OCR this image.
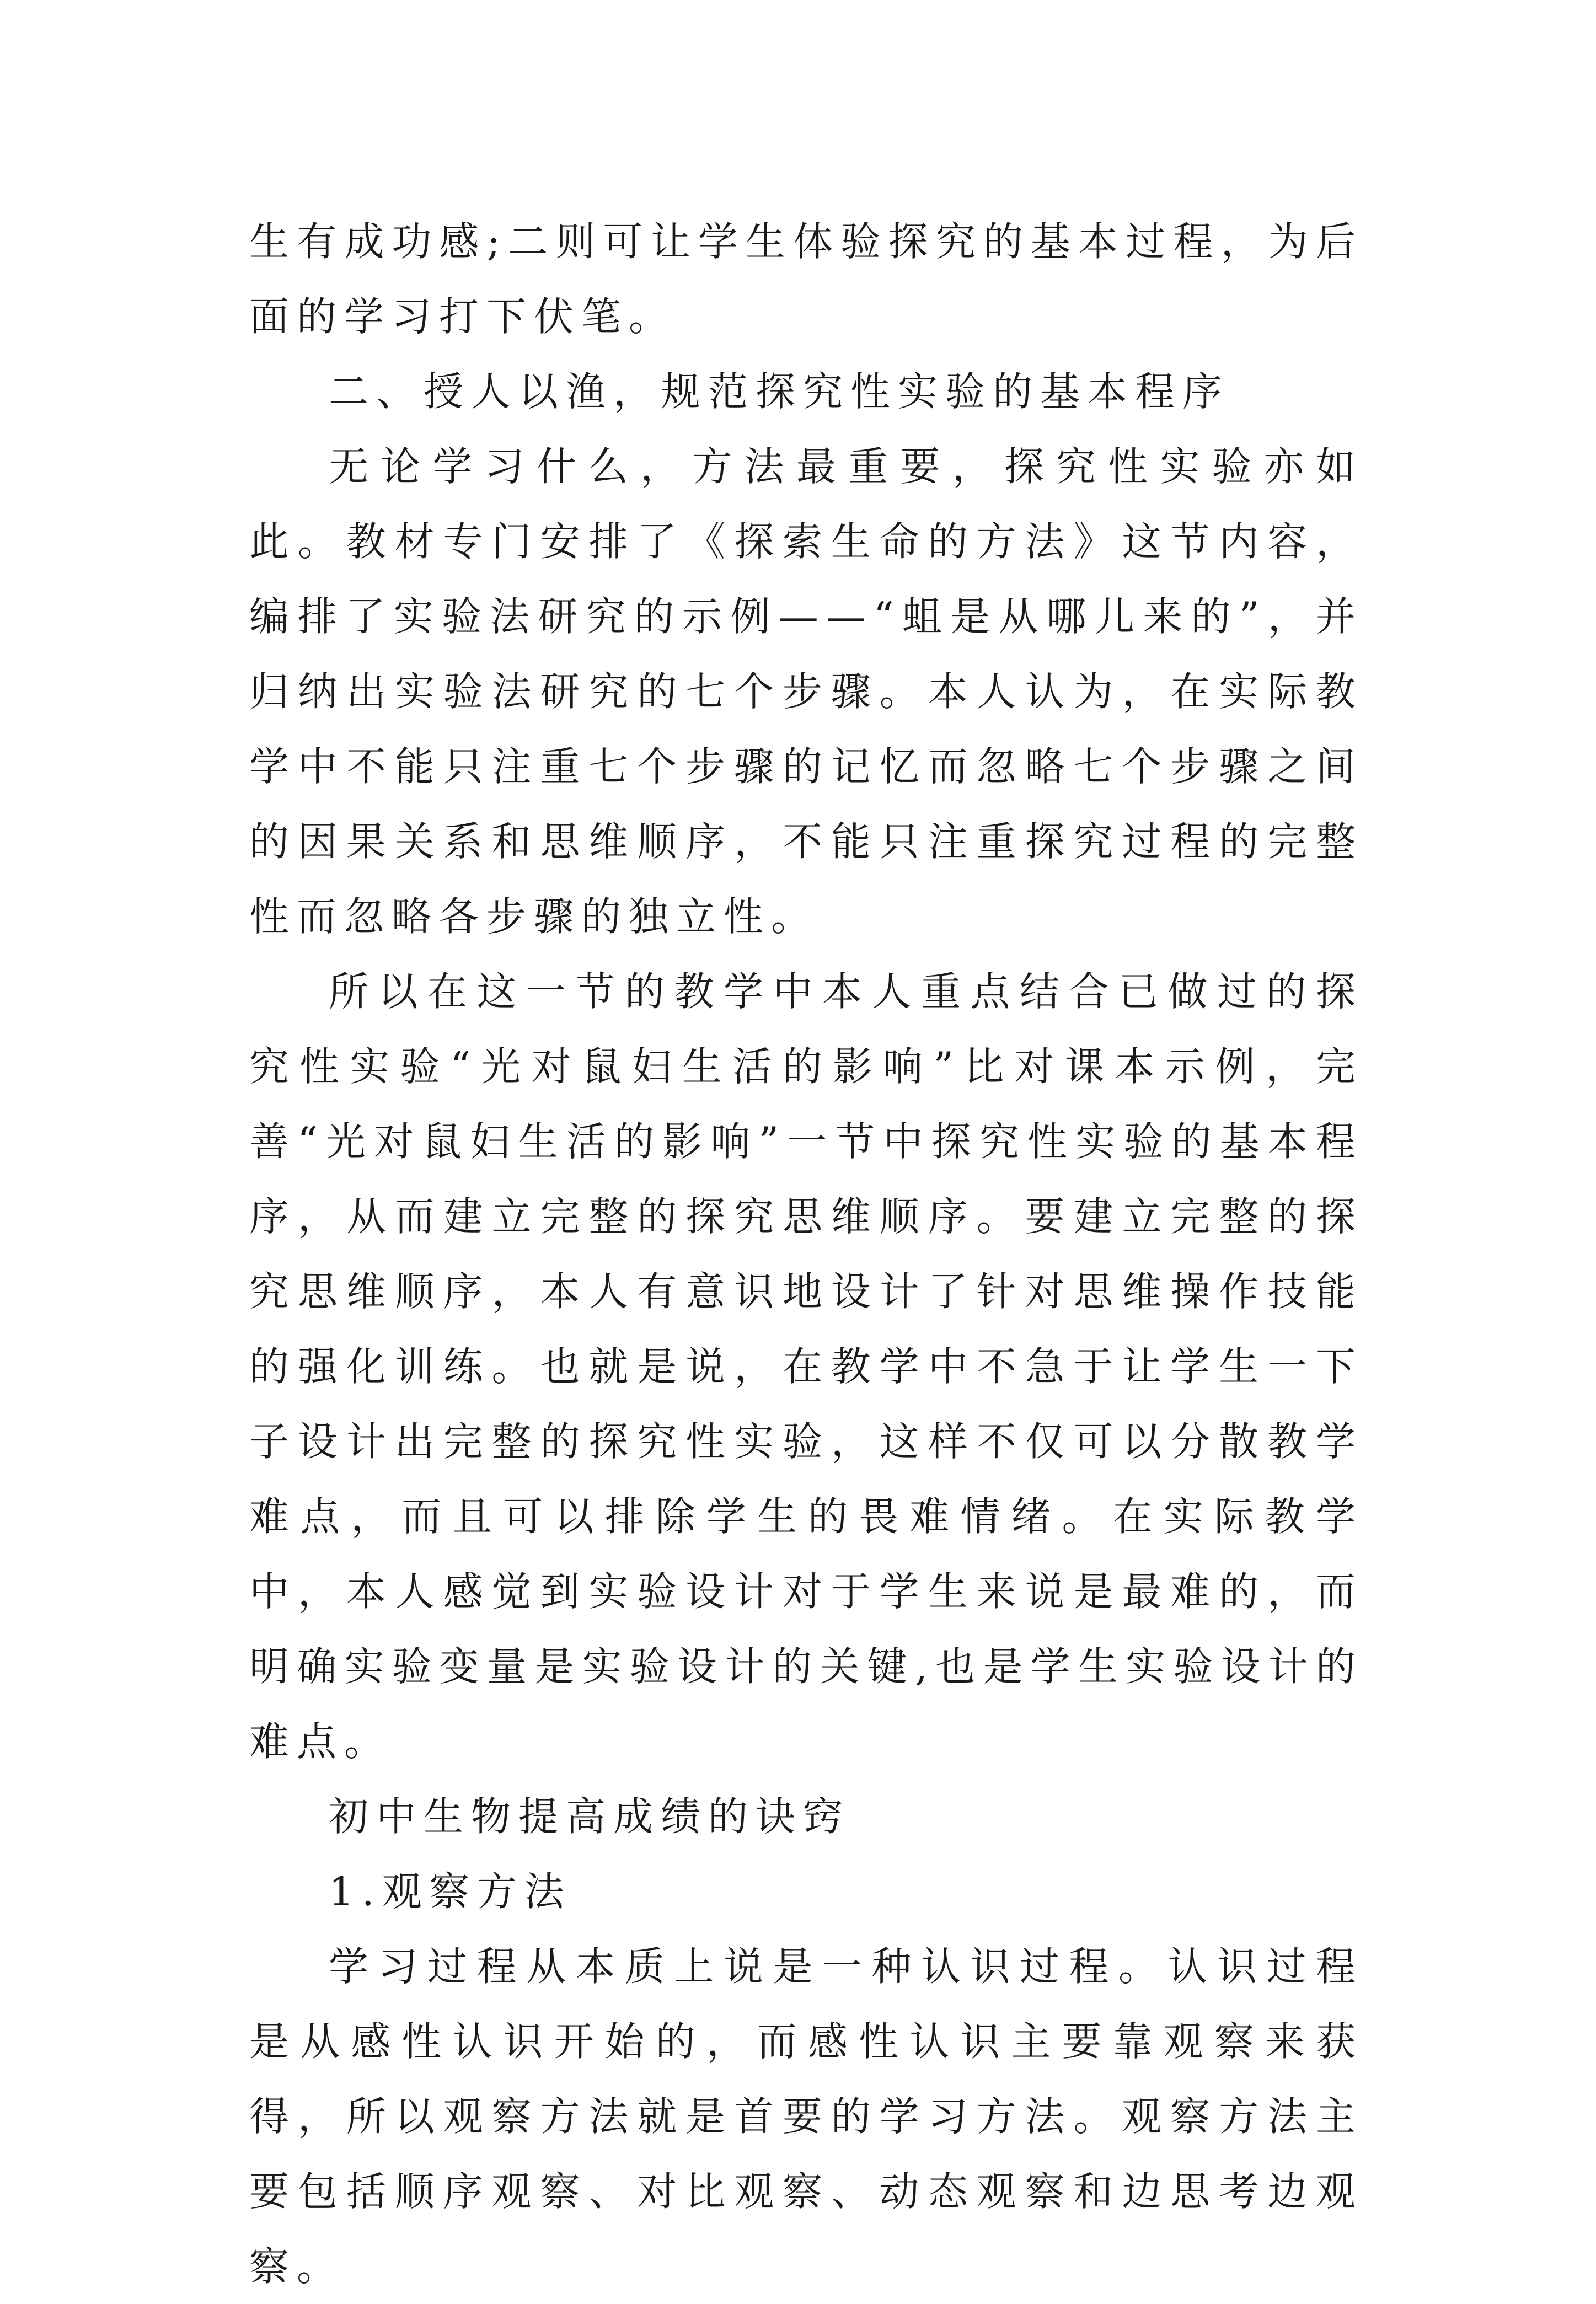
生有成功感;二则可让学生体验探究的基本过程，为后面的学习打下伏笔。

二、授人以渔，规范探究性实验的基本程序

无论学习什么，方法最重要，探究性实验亦如此。教材专门安排了《探索生命的方法》这节内容，编排了实验法研究的示例——“蛆是从哪儿来的”，并归纳出实验法研究的七个步骤。本人认为，在实际教学中不能只注重七个步骤的记忆而忽略七个步骤之间的因果关系和思维顺序，不能只注重探究过程的完整性而忽略各步骤的独立性。

所以在这一节的教学中本人重点结合已做过的探究性实验“光对鼠妇生活的影响”比对课本示例，完善“光对鼠妇生活的影响”一节中探究性实验的基本程序，从而建立完整的探究思维顺序。要建立完整的探究思维顺序，本人有意识地设计了针对思维操作技能的强化训练。也就是说，在教学中不急于让学生一下子设计出完整的探究性实验，这样不仅可以分散教学难点，而且可以排除学生的畏难情绪。在实际教学中，本人感觉到实验设计对于学生来说是最难的，而明确实验变量是实验设计的关键,也是学生实验设计的难点。

初中生物提高成绩的诀窍

1.观察方法

学习过程从本质上说是一种认识过程。认识过程是从感性认识开始的，而感性认识主要靠观察来获得，所以观察方法就是首要的学习方法。观察方法主要包括顺序观察、对比观察、动态观察和边思考边观察。
